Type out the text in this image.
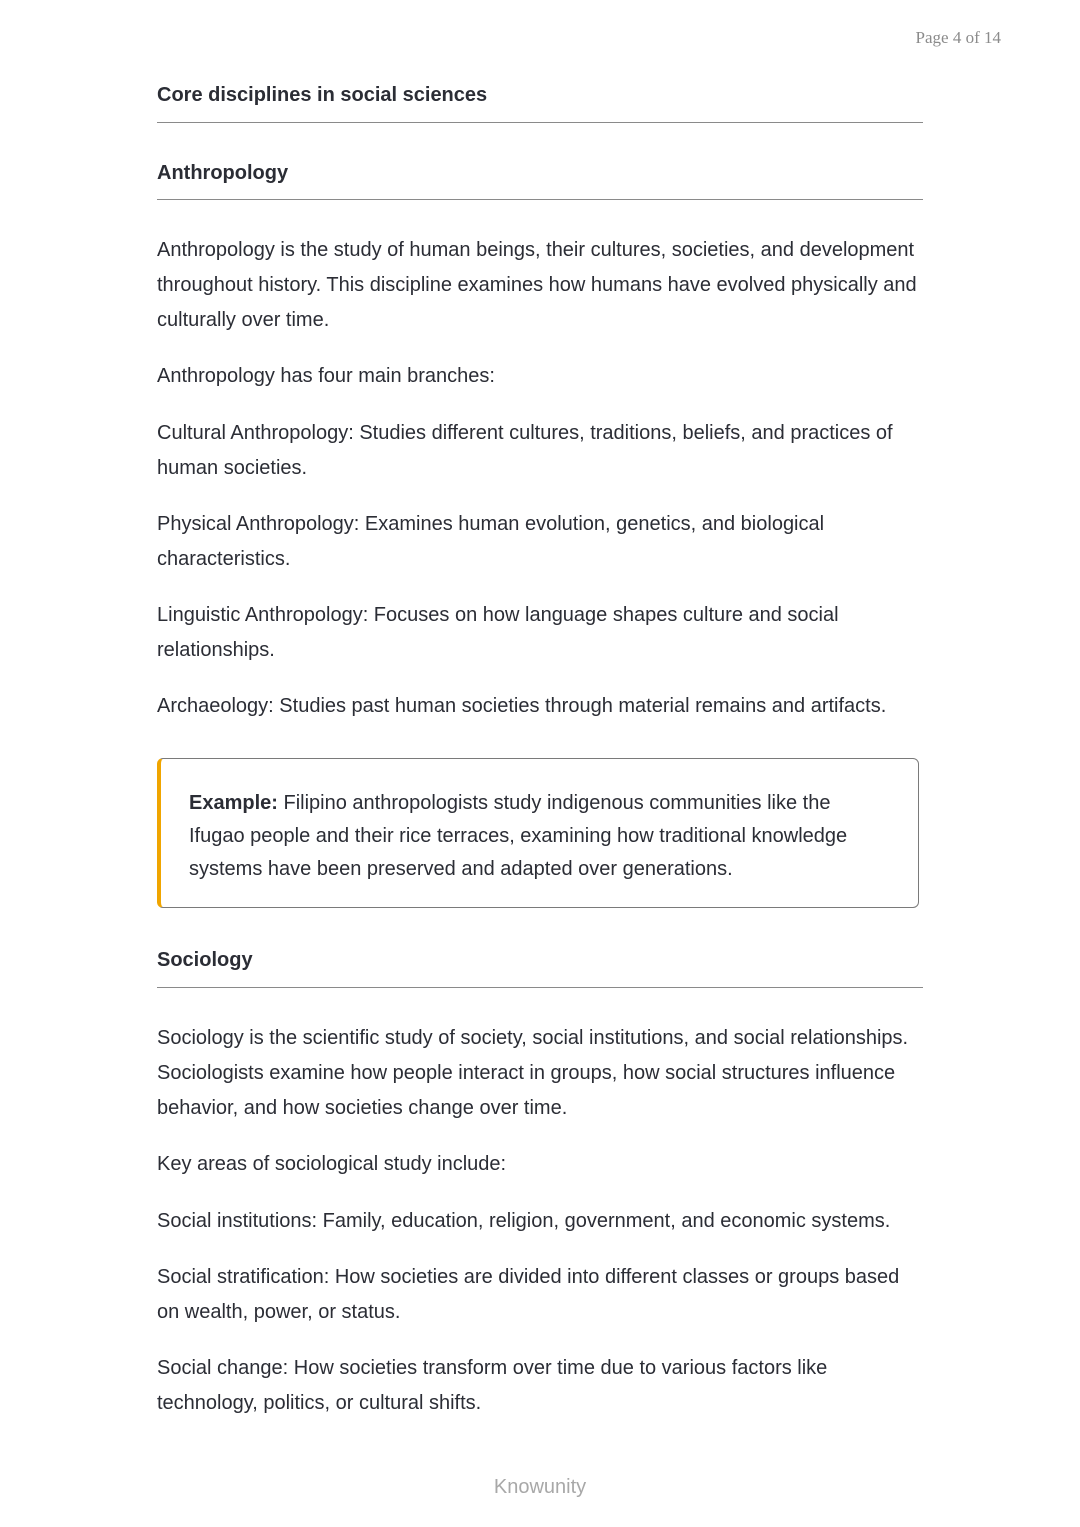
Page 4 of 14
Core disciplines in social sciences
Anthropology

Anthropology is the study of human beings, their cultures, societies, and development throughout history. This discipline examines how humans have evolved physically and culturally over time.

Anthropology has four main branches:

Cultural Anthropology: Studies different cultures, traditions, beliefs, and practices of human societies.

Physical Anthropology: Examines human evolution, genetics, and biological characteristics.

Linguistic Anthropology: Focuses on how language shapes culture and social relationships.

Archaeology: Studies past human societies through material remains and artifacts.

Example: Filipino anthropologists study indigenous communities like the Ifugao people and their rice terraces, examining how traditional knowledge systems have been preserved and adapted over generations.

Sociology

Sociology is the scientific study of society, social institutions, and social relationships. Sociologists examine how people interact in groups, how social structures influence behavior, and how societies change over time.

Key areas of sociological study include:

Social institutions: Family, education, religion, government, and economic systems.

Social stratification: How societies are divided into different classes or groups based on wealth, power, or status.

Social change: How societies transform over time due to various factors like technology, politics, or cultural shifts.

Knowunity
